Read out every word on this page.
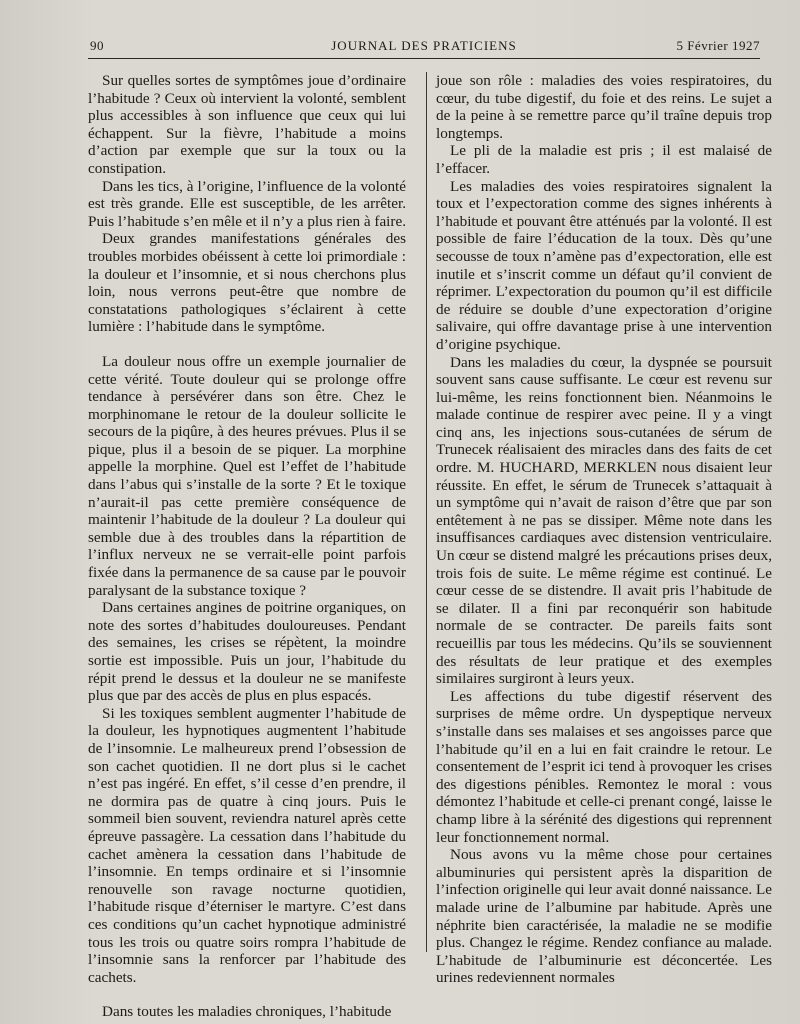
90	JOURNAL DES PRATICIENS	5 Février 1927

Sur quelles sortes de symptômes joue d’ordinaire l’habitude ? Ceux où intervient la volonté, semblent plus accessibles à son influence que ceux qui lui échappent. Sur la fièvre, l’habitude a moins d’action par exemple que sur la toux ou la constipation.

Dans les tics, à l’origine, l’influence de la volonté est très grande. Elle est susceptible, de les arrêter. Puis l’habitude s’en mêle et il n’y a plus rien à faire.

Deux grandes manifestations générales des troubles morbides obéissent à cette loi primordiale : la douleur et l’insomnie, et si nous cherchons plus loin, nous verrons peut-être que nombre de constatations pathologiques s’éclairent à cette lumière : l’habitude dans le symptôme.

La douleur nous offre un exemple journalier de cette vérité. Toute douleur qui se prolonge offre tendance à persévérer dans son être. Chez le morphinomane le retour de la douleur sollicite le secours de la piqûre, à des heures prévues. Plus il se pique, plus il a besoin de se piquer. La morphine appelle la morphine. Quel est l’effet de l’habitude dans l’abus qui s’installe de la sorte ? Et le toxique n’aurait-il pas cette première conséquence de maintenir l’habitude de la douleur ? La douleur qui semble due à des troubles dans la répartition de l’influx nerveux ne se verrait-elle point parfois fixée dans la permanence de sa cause par le pouvoir paralysant de la substance toxique ?

Dans certaines angines de poitrine organiques, on note des sortes d’habitudes douloureuses. Pendant des semaines, les crises se répètent, la moindre sortie est impossible. Puis un jour, l’habitude du répit prend le dessus et la douleur ne se manifeste plus que par des accès de plus en plus espacés.

Si les toxiques semblent augmenter l’habitude de la douleur, les hypnotiques augmentent l’habitude de l’insomnie. Le malheureux prend l’obsession de son cachet quotidien. Il ne dort plus si le cachet n’est pas ingéré. En effet, s’il cesse d’en prendre, il ne dormira pas de quatre à cinq jours. Puis le sommeil bien souvent, reviendra naturel après cette épreuve passagère. La cessation dans l’habitude du cachet amènera la cessation dans l’habitude de l’insomnie. En temps ordinaire et si l’insomnie renouvelle son ravage nocturne quotidien, l’habitude risque d’éterniser le martyre. C’est dans ces conditions qu’un cachet hypnotique administré tous les trois ou quatre soirs rompra l’habitude de l’insomnie sans la renforcer par l’habitude des cachets.

Dans toutes les maladies chroniques, l’habitude

joue son rôle : maladies des voies respiratoires, du cœur, du tube digestif, du foie et des reins. Le sujet a de la peine à se remettre parce qu’il traîne depuis trop longtemps.

Le pli de la maladie est pris ; il est malaisé de l’effacer.

Les maladies des voies respiratoires signalent la toux et l’expectoration comme des signes inhérents à l’habitude et pouvant être atténués par la volonté. Il est possible de faire l’éducation de la toux. Dès qu’une secousse de toux n’amène pas d’expectoration, elle est inutile et s’inscrit comme un défaut qu’il convient de réprimer. L’expectoration du poumon qu’il est difficile de réduire se double d’une expectoration d’origine salivaire, qui offre davantage prise à une intervention d’origine psychique.

Dans les maladies du cœur, la dyspnée se poursuit souvent sans cause suffisante. Le cœur est revenu sur lui-même, les reins fonctionnent bien. Néanmoins le malade continue de respirer avec peine. Il y a vingt cinq ans, les injections sous-cutanées de sérum de Trunecek réalisaient des miracles dans des faits de cet ordre. M. HUCHARD, MERKLEN nous disaient leur réussite. En effet, le sérum de Trunecek s’attaquait à un symptôme qui n’avait de raison d’être que par son entêtement à ne pas se dissiper. Même note dans les insuffisances cardiaques avec distension ventriculaire. Un cœur se distend malgré les précautions prises deux, trois fois de suite. Le même régime est continué. Le cœur cesse de se distendre. Il avait pris l’habitude de se dilater. Il a fini par reconquérir son habitude normale de se contracter. De pareils faits sont recueillis par tous les médecins. Qu’ils se souviennent des résultats de leur pratique et des exemples similaires surgiront à leurs yeux.

Les affections du tube digestif réservent des surprises de même ordre. Un dyspeptique nerveux s’installe dans ses malaises et ses angoisses parce que l’habitude qu’il en a lui en fait craindre le retour. Le consentement de l’esprit ici tend à provoquer les crises des digestions pénibles. Remontez le moral : vous démontez l’habitude et celle-ci prenant congé, laisse le champ libre à la sérénité des digestions qui reprennent leur fonctionnement normal.

Nous avons vu la même chose pour certaines albuminuries qui persistent après la disparition de l’infection originelle qui leur avait donné naissance. Le malade urine de l’albumine par habitude. Après une néphrite bien caractérisée, la maladie ne se modifie plus. Changez le régime. Rendez confiance au malade. L’habitude de l’albuminurie est déconcertée. Les urines redeviennent normales
